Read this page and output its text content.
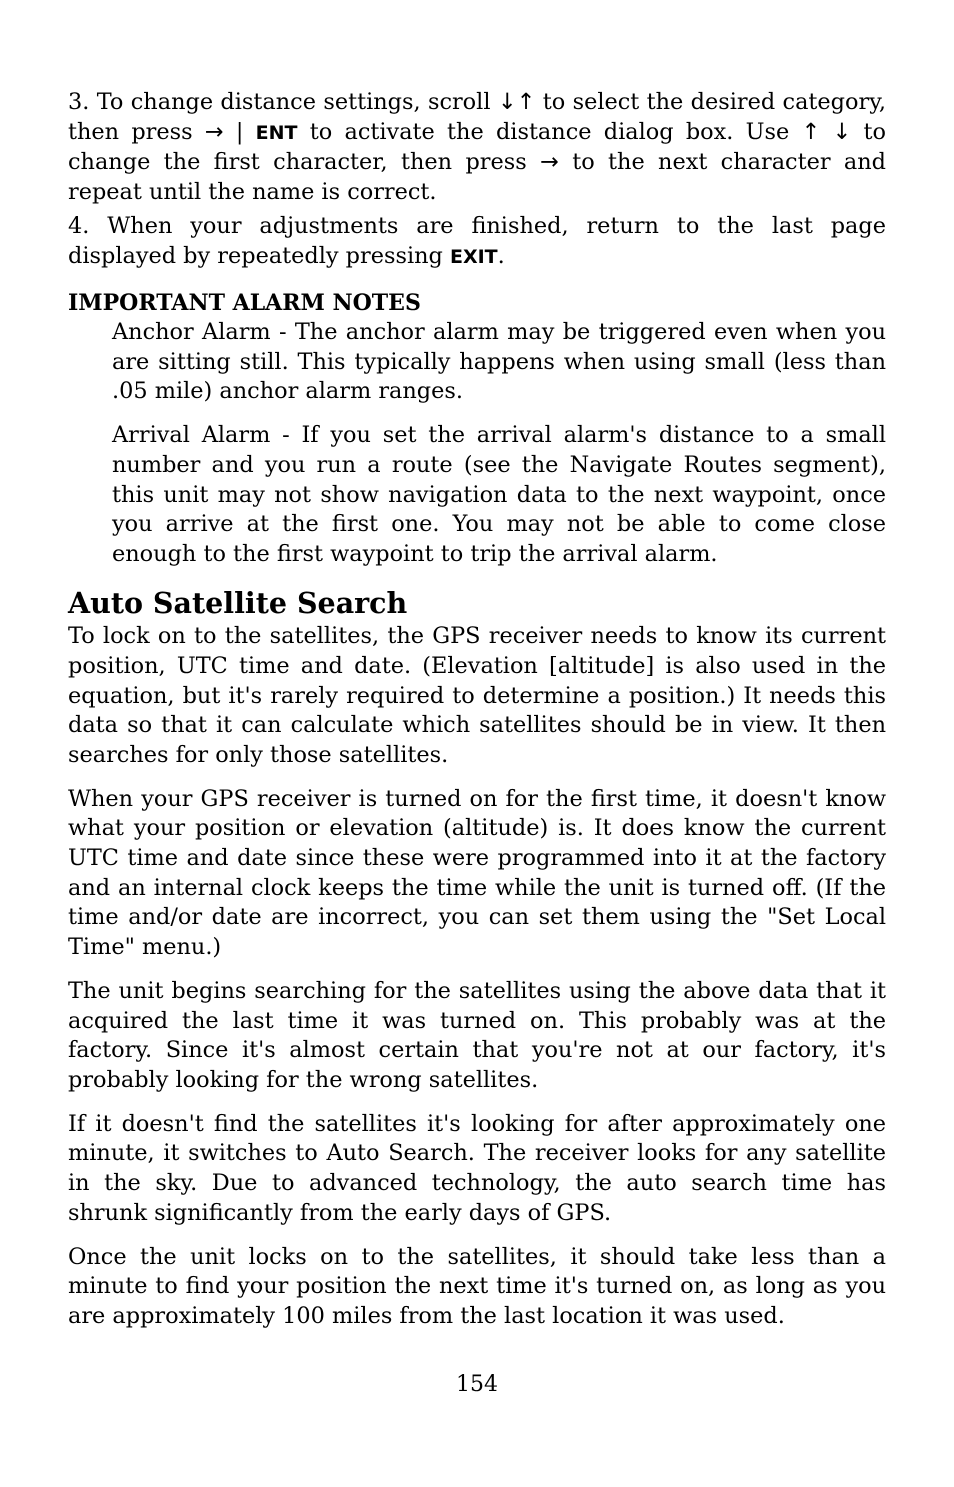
3. To change distance settings, scroll ↓↑ to select the desired category, then press → | ENT to activate the distance dialog box. Use ↑ ↓ to change the first character, then press → to the next character and repeat until the name is correct.

4. When your adjustments are finished, return to the last page displayed by repeatedly pressing EXIT.

IMPORTANT ALARM NOTES

Anchor Alarm - The anchor alarm may be triggered even when you are sitting still. This typically happens when using small (less than .05 mile) anchor alarm ranges.

Arrival Alarm - If you set the arrival alarm's distance to a small number and you run a route (see the Navigate Routes segment), this unit may not show navigation data to the next waypoint, once you arrive at the first one. You may not be able to come close enough to the first waypoint to trip the arrival alarm.

Auto Satellite Search

To lock on to the satellites, the GPS receiver needs to know its current position, UTC time and date. (Elevation [altitude] is also used in the equation, but it's rarely required to determine a position.) It needs this data so that it can calculate which satellites should be in view. It then searches for only those satellites.

When your GPS receiver is turned on for the first time, it doesn't know what your position or elevation (altitude) is. It does know the current UTC time and date since these were programmed into it at the factory and an internal clock keeps the time while the unit is turned off. (If the time and/or date are incorrect, you can set them using the "Set Local Time" menu.)

The unit begins searching for the satellites using the above data that it acquired the last time it was turned on. This probably was at the factory. Since it's almost certain that you're not at our factory, it's probably looking for the wrong satellites.

If it doesn't find the satellites it's looking for after approximately one minute, it switches to Auto Search. The receiver looks for any satellite in the sky. Due to advanced technology, the auto search time has shrunk significantly from the early days of GPS.

Once the unit locks on to the satellites, it should take less than a minute to find your position the next time it's turned on, as long as you are approximately 100 miles from the last location it was used.

154
